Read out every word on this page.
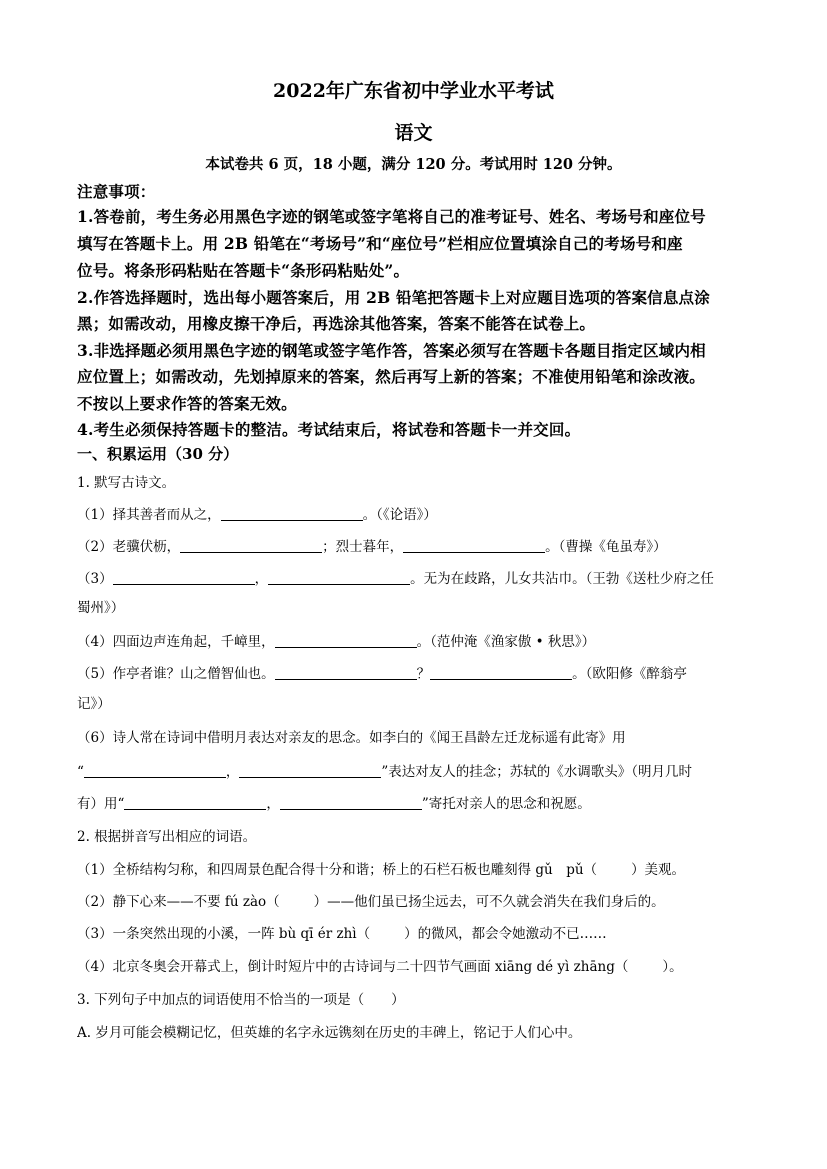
2022年广东省初中学业水平考试
语文
本试卷共 6 页，18 小题，满分 120 分。考试用时 120 分钟。
注意事项：
1.答卷前，考生务必用黑色字迹的钢笔或签字笔将自己的准考证号、姓名、考场号和座位号
填写在答题卡上。用 2B 铅笔在“考场号”和“座位号”栏相应位置填涂自己的考场号和座
位号。将条形码粘贴在答题卡“条形码粘贴处”。
2.作答选择题时，选出每小题答案后，用 2B 铅笔把答题卡上对应题目选项的答案信息点涂
黑；如需改动，用橡皮擦干净后，再选涂其他答案，答案不能答在试卷上。
3.非选择题必须用黑色字迹的钢笔或签字笔作答，答案必须写在答题卡各题目指定区域内相
应位置上；如需改动，先划掉原来的答案，然后再写上新的答案；不准使用铅笔和涂改液。
不按以上要求作答的答案无效。
4.考生必须保持答题卡的整洁。考试结束后，将试卷和答题卡一并交回。
一、积累运用（30 分）
1. 默写古诗文。
（1）择其善者而从之，	。（《论语》）
（2）老骥伏枥，	；烈士暮年，	。（曹操《龟虽寿》）
（3）	，	。无为在歧路，儿女共沾巾。（王勃《送杜少府之任
蜀州》）
（4）四面边声连角起，千嶂里，	。（范仲淹《渔家傲 • 秋思》）
（5）作亭者谁？山之僧智仙也。	？	。（欧阳修《醉翁亭
记》）
（6）诗人常在诗词中借明月表达对亲友的思念。如李白的《闻王昌龄左迁龙标遥有此寄》用
“	，	”表达对友人的挂念；苏轼的《水调歌头》（明月几时
有）用“	，	”寄托对亲人的思念和祝愿。
2. 根据拼音写出相应的词语。
（1）全桥结构匀称，和四周景色配合得十分和谐；桥上的石栏石板也雕刻得 gǔ　pǔ（	）美观。
（2）静下心来——不要 fú zào（	）——他们虽已扬尘远去，可不久就会消失在我们身后的。
（3）一条突然出现的小溪，一阵 bù qī ér zhì（	）的微风，都会令她激动不已……
（4）北京冬奥会开幕式上，倒计时短片中的古诗词与二十四节气画面 xiāng dé yì zhāng（	）。
3. 下列句子中加点的词语使用不恰当的一项是（　　）
A. 岁月可能会模糊记忆，但英雄的名字永远镌刻在历史的丰碑上，铭记于人们心中。
